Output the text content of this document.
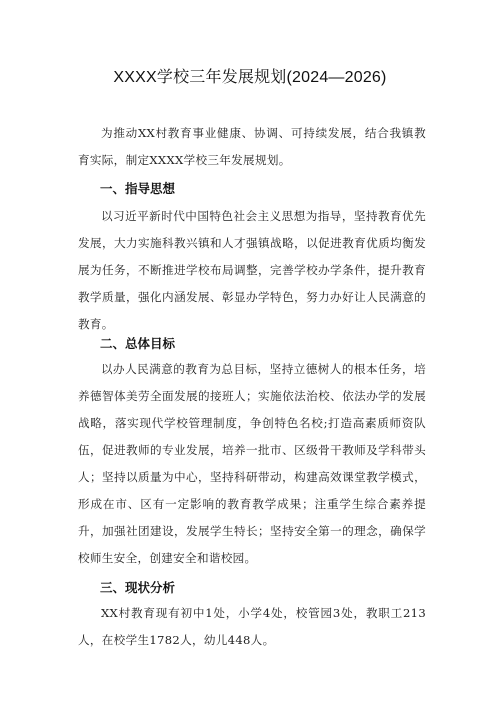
XXXX学校三年发展规划(2024—2026)

为推动XX村教育事业健康、协调、可持续发展，结合我镇教育实际，制定XXXX学校三年发展规划。

一、指导思想

以习近平新时代中国特色社会主义思想为指导，坚持教育优先发展，大力实施科教兴镇和人才强镇战略，以促进教育优质均衡发展为任务，不断推进学校布局调整，完善学校办学条件，提升教育教学质量，强化内涵发展、彰显办学特色，努力办好让人民满意的教育。

二、总体目标

以办人民满意的教育为总目标，坚持立德树人的根本任务，培养德智体美劳全面发展的接班人；实施依法治校、依法办学的发展战略，落实现代学校管理制度，争创特色名校;打造高素质师资队伍，促进教师的专业发展，培养一批市、区级骨干教师及学科带头人；坚持以质量为中心，坚持科研带动，构建高效课堂教学模式，形成在市、区有一定影响的教育教学成果；注重学生综合素养提升，加强社团建设，发展学生特长；坚持安全第一的理念，确保学校师生安全，创建安全和谐校园。

三、现状分析

XX村教育现有初中1处，小学4处，校管园3处，教职工213人，在校学生1782人，幼儿448人。
